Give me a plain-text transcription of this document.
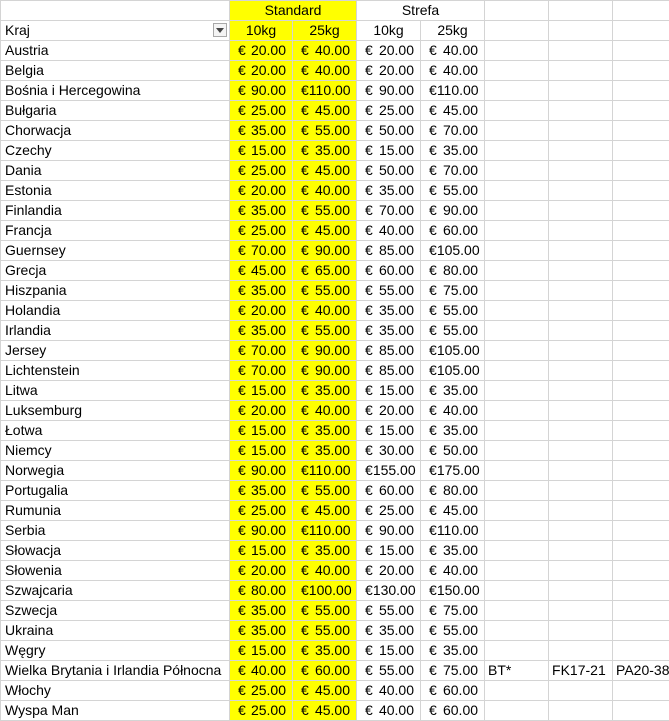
	Standard		Strefa				
Kraj	10kg	25kg	10kg	25kg			
Austria	€ 20.00	€ 40.00	€ 20.00	€ 40.00			

Belgia	€ 20.00	€ 40.00	€ 20.00	€ 40.00			

Bośnia i Hercegowina	€ 90.00	€ 110.00	€ 90.00	€ 110.00			

Bułgaria	€ 25.00	€ 45.00	€ 25.00	€ 45.00			

Chorwacja	€ 35.00	€ 55.00	€ 50.00	€ 70.00			

Czechy	€ 15.00	€ 35.00	€ 15.00	€ 35.00			

Dania	€ 25.00	€ 45.00	€ 50.00	€ 70.00			

Estonia	€ 20.00	€ 40.00	€ 35.00	€ 55.00			

Finlandia	€ 35.00	€ 55.00	€ 70.00	€ 90.00			

Francja	€ 25.00	€ 45.00	€ 40.00	€ 60.00			

Guernsey	€ 70.00	€ 90.00	€ 85.00	€ 105.00			

Grecja	€ 45.00	€ 65.00	€ 60.00	€ 80.00			

Hiszpania	€ 35.00	€ 55.00	€ 55.00	€ 75.00			

Holandia	€ 20.00	€ 40.00	€ 35.00	€ 55.00			

Irlandia	€ 35.00	€ 55.00	€ 35.00	€ 55.00			

Jersey	€ 70.00	€ 90.00	€ 85.00	€ 105.00			

Lichtenstein	€ 70.00	€ 90.00	€ 85.00	€ 105.00			

Litwa	€ 15.00	€ 35.00	€ 15.00	€ 35.00			

Luksemburg	€ 20.00	€ 40.00	€ 20.00	€ 40.00			

Łotwa	€ 15.00	€ 35.00	€ 15.00	€ 35.00			

Niemcy	€ 15.00	€ 35.00	€ 30.00	€ 50.00			

Norwegia	€ 90.00	€ 110.00	€ 155.00	€ 175.00			

Portugalia	€ 35.00	€ 55.00	€ 60.00	€ 80.00			

Rumunia	€ 25.00	€ 45.00	€ 25.00	€ 45.00			

Serbia	€ 90.00	€ 110.00	€ 90.00	€ 110.00			

Słowacja	€ 15.00	€ 35.00	€ 15.00	€ 35.00			

Słowenia	€ 20.00	€ 40.00	€ 20.00	€ 40.00			

Szwajcaria	€ 80.00	€ 100.00	€ 130.00	€ 150.00			

Szwecja	€ 35.00	€ 55.00	€ 55.00	€ 75.00			

Ukraina	€ 35.00	€ 55.00	€ 35.00	€ 55.00			

Węgry	€ 15.00	€ 35.00	€ 15.00	€ 35.00			

Wielka Brytania i Irlandia Północna	€ 40.00	€ 60.00	€ 55.00	€ 75.00	BT*	FK17-21	PA20-38
Włochy	€ 25.00	€ 45.00	€ 40.00	€ 60.00			

Wyspa Man	€ 25.00	€ 45.00	€ 40.00	€ 60.00			
